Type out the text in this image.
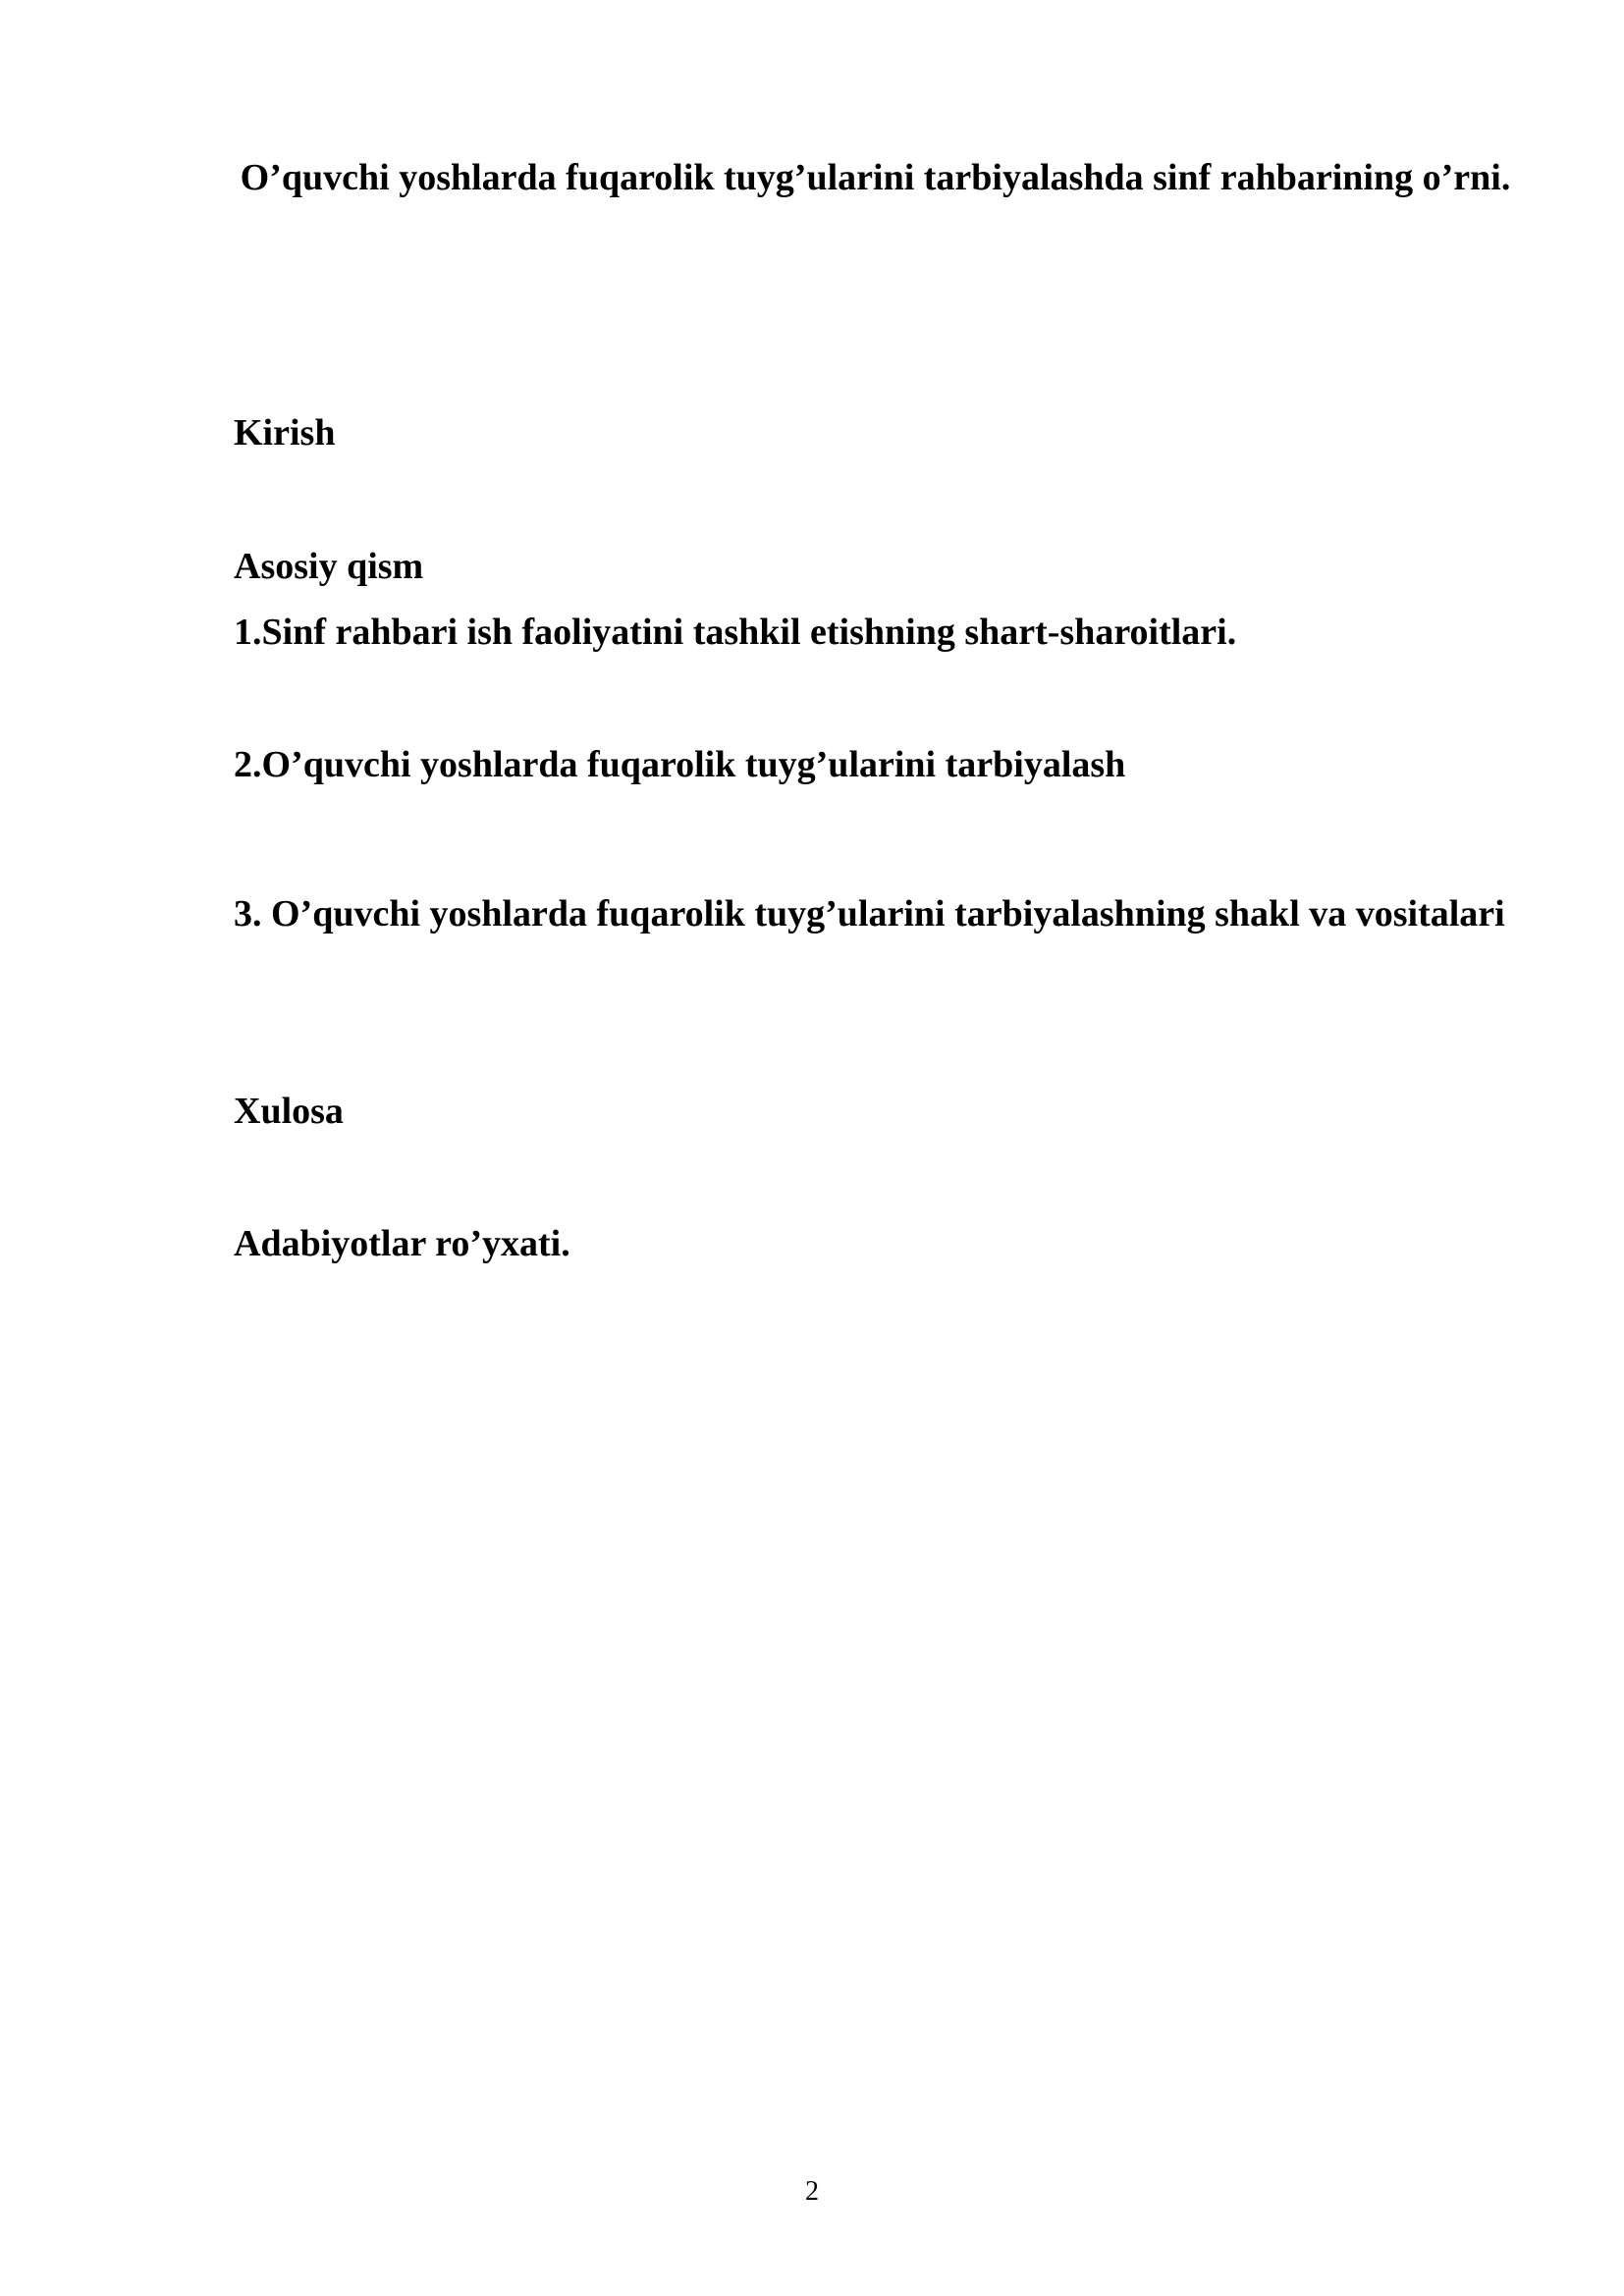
O’quvchi yoshlarda fuqarolik tuyg’ularini tarbiyalashda sinf rahbarining o’rni.

Kirish

Asosiy qism

1.Sinf rahbari ish faoliyatini tashkil etishning shart-sharoitlari.

2.O’quvchi yoshlarda fuqarolik tuyg’ularini tarbiyalash

3. O’quvchi yoshlarda fuqarolik tuyg’ularini tarbiyalashning shakl va vositalari

Xulosa

Adabiyotlar ro’yxati.

2
